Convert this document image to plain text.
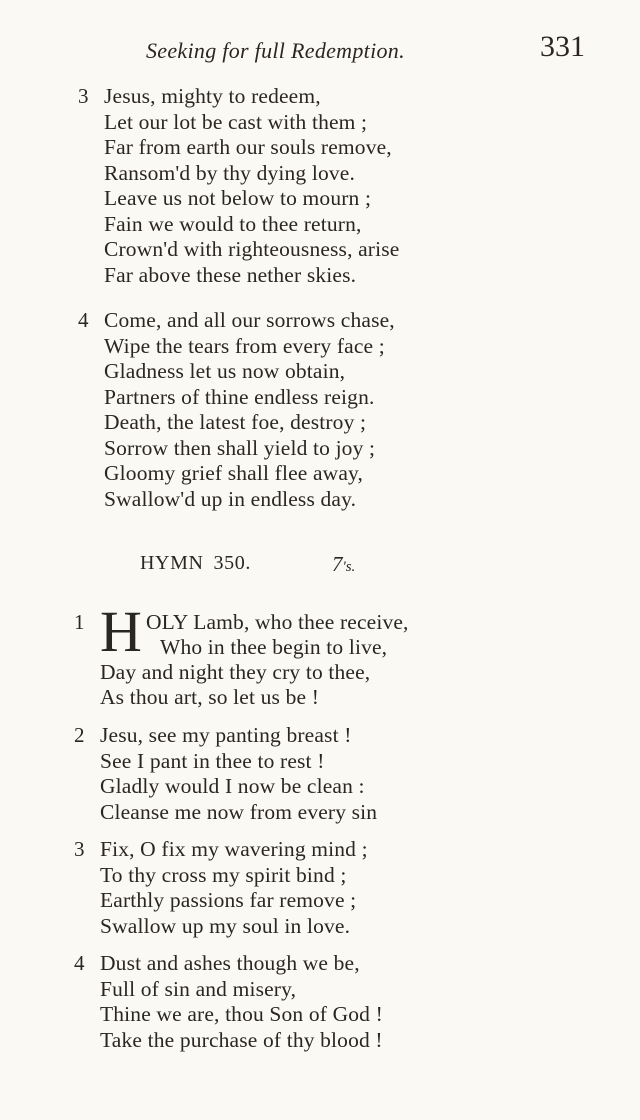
Seeking for full Redemption.	331
3 Jesus, mighty to redeem,
Let our lot be cast with them ;
Far from earth our souls remove,
Ransom'd by thy dying love.
Leave us not below to mourn ;
Fain we would to thee return,
Crown'd with righteousness, arise
Far above these nether skies.
4 Come, and all our sorrows chase,
Wipe the tears from every face ;
Gladness let us now obtain,
Partners of thine endless reign.
Death, the latest foe, destroy ;
Sorrow then shall yield to joy ;
Gloomy grief shall flee away,
Swallow'd up in endless day.
HYMN 350.	7's.
1 H OLY Lamb, who thee receive,
Who in thee begin to live,
Day and night they cry to thee,
As thou art, so let us be !
2 Jesu, see my panting breast !
See I pant in thee to rest !
Gladly would I now be clean :
Cleanse me now from every sin
3 Fix, O fix my wavering mind ;
To thy cross my spirit bind ;
Earthly passions far remove ;
Swallow up my soul in love.
4 Dust and ashes though we be,
Full of sin and misery,
Thine we are, thou Son of God !
Take the purchase of thy blood !
